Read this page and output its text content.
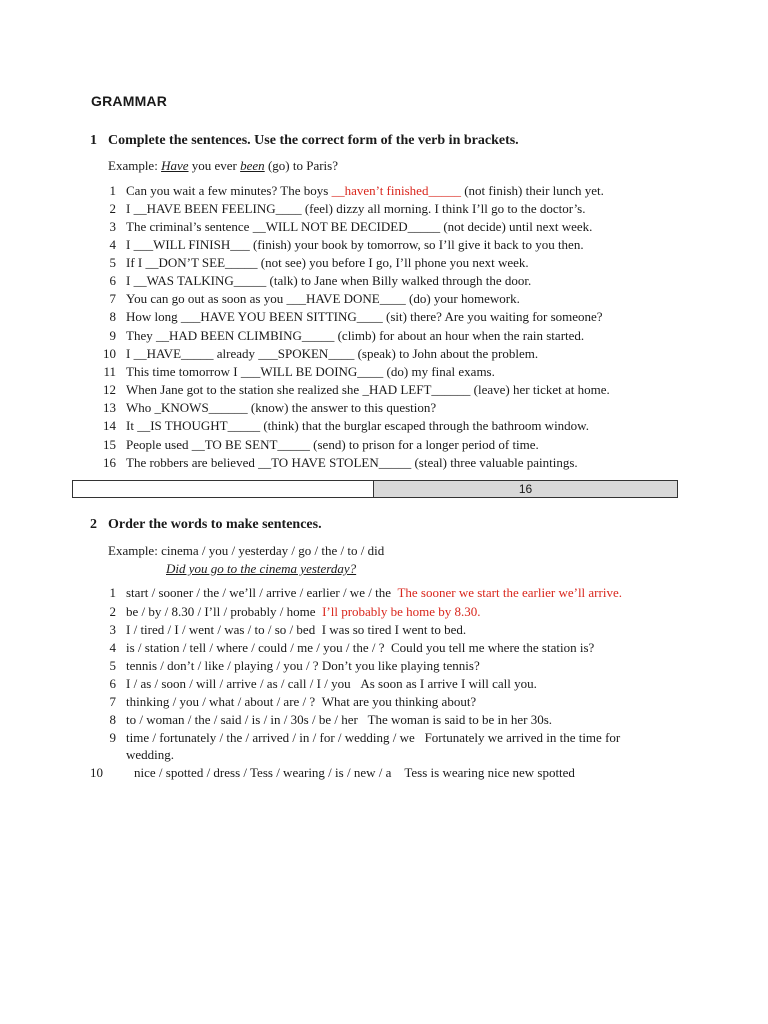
GRAMMAR
1 Complete the sentences. Use the correct form of the verb in brackets.
Example: Have you ever been (go) to Paris?
1 Can you wait a few minutes? The boys __haven’t finished_____ (not finish) their lunch yet.
2 I __HAVE BEEN FEELING____ (feel) dizzy all morning. I think I’ll go to the doctor’s.
3 The criminal’s sentence __WILL NOT BE DECIDED_____ (not decide) until next week.
4 I ___WILL FINISH___ (finish) your book by tomorrow, so I’ll give it back to you then.
5 If I __DON’T SEE_____ (not see) you before I go, I’ll phone you next week.
6 I __WAS TALKING_____ (talk) to Jane when Billy walked through the door.
7 You can go out as soon as you ___HAVE DONE____ (do) your homework.
8 How long ___HAVE YOU BEEN SITTING____ (sit) there? Are you waiting for someone?
9 They __HAD BEEN CLIMBING_____ (climb) for about an hour when the rain started.
10 I __HAVE_____ already ___SPOKEN____ (speak) to John about the problem.
11 This time tomorrow I ___WILL BE DOING____ (do) my final exams.
12 When Jane got to the station she realized she _HAD LEFT______ (leave) her ticket at home.
13 Who _KNOWS______ (know) the answer to this question?
14 It __IS THOUGHT_____ (think) that the burglar escaped through the bathroom window.
15 People used __TO BE SENT_____ (send) to prison for a longer period of time.
16 The robbers are believed __TO HAVE STOLEN_____ (steal) three valuable paintings.
16
2 Order the words to make sentences.
Example: cinema / you / yesterday / go / the / to / did
Did you go to the cinema yesterday?
1 start / sooner / the / we’ll / arrive / earlier / we / the The sooner we start the earlier we’ll arrive.
2 be / by / 8.30 / I’ll / probably / home I’ll probably be home by 8.30.
3 I / tired / I / went / was / to / so / bed I was so tired I went to bed.
4 is / station / tell / where / could / me / you / the / ? Could you tell me where the station is?
5 tennis / don’t / like / playing / you / ? Don’t you like playing tennis?
6 I / as / soon / will / arrive / as / call / I / you As soon as I arrive I will call you.
7 thinking / you / what / about / are / ? What are you thinking about?
8 to / woman / the / said / is / in / 30s / be / her The woman is said to be in her 30s.
9 time / fortunately / the / arrived / in / for / wedding / we Fortunately we arrived in the time for
wedding.
10 nice / spotted / dress / Tess / wearing / is / new / a Tess is wearing nice new spotted
